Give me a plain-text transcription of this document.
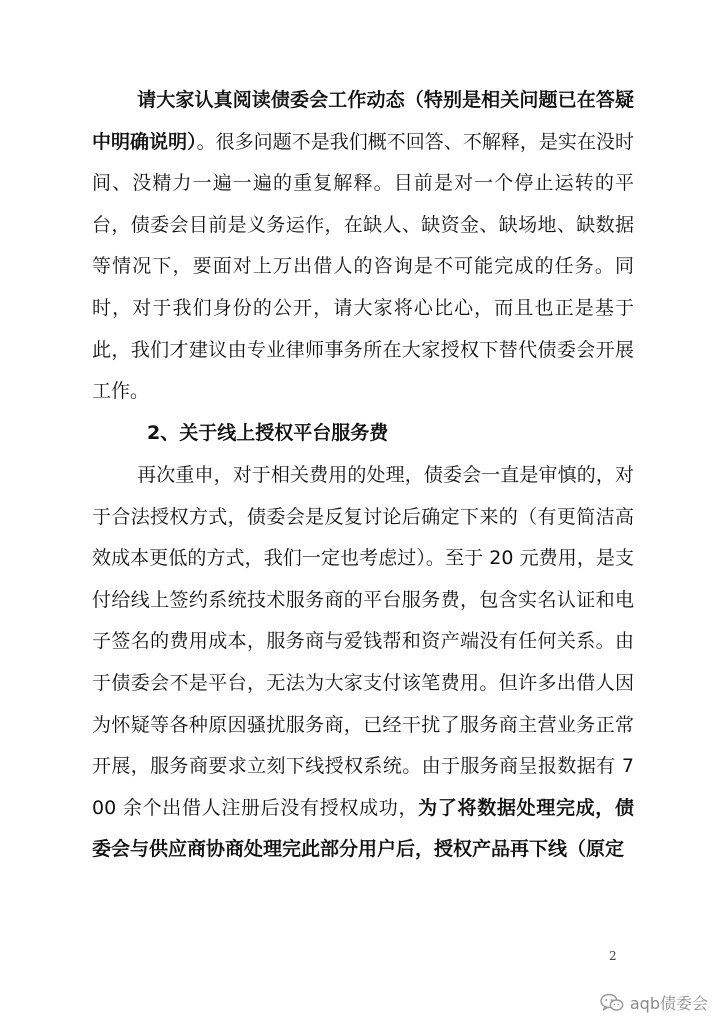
请大家认真阅读债委会工作动态（特别是相关问题已在答疑中明确说明）。很多问题不是我们概不回答、不解释，是实在没时间、没精力一遍一遍的重复解释。目前是对一个停止运转的平台，债委会目前是义务运作，在缺人、缺资金、缺场地、缺数据等情况下，要面对上万出借人的咨询是不可能完成的任务。同时，对于我们身份的公开，请大家将心比心，而且也正是基于此，我们才建议由专业律师事务所在大家授权下替代债委会开展工作。

2、关于线上授权平台服务费

再次重申，对于相关费用的处理，债委会一直是审慎的，对于合法授权方式，债委会是反复讨论后确定下来的（有更简洁高效成本更低的方式，我们一定也考虑过）。至于 20 元费用，是支付给线上签约系统技术服务商的平台服务费，包含实名认证和电子签名的费用成本，服务商与爱钱帮和资产端没有任何关系。由于债委会不是平台，无法为大家支付该笔费用。但许多出借人因为怀疑等各种原因骚扰服务商，已经干扰了服务商主营业务正常开展，服务商要求立刻下线授权系统。由于服务商呈报数据有 700 余个出借人注册后没有授权成功，为了将数据处理完成，债委会与供应商协商处理完此部分用户后，授权产品再下线（原定

2
aqb债委会
